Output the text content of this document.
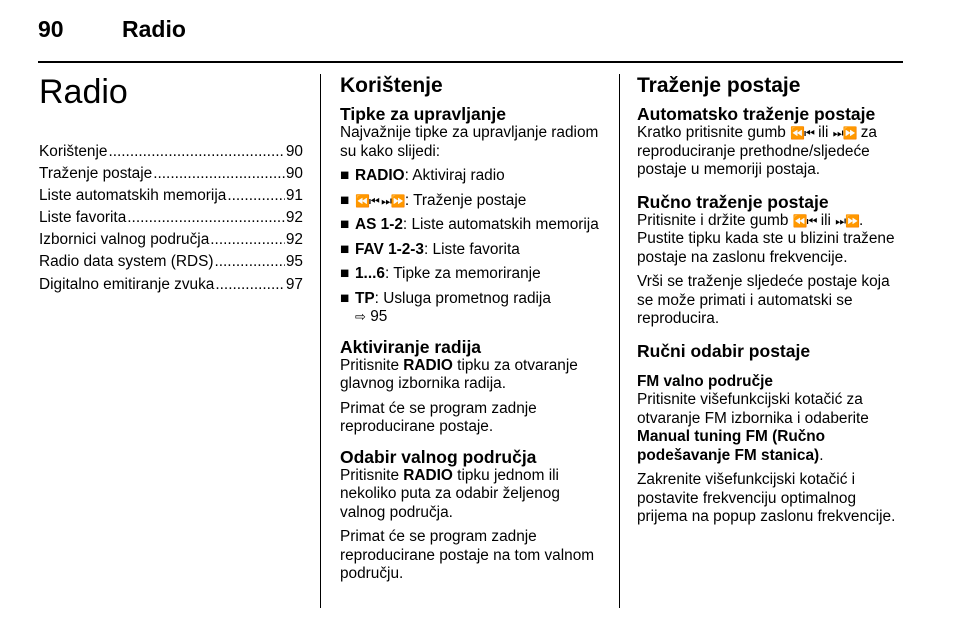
90	Radio
Radio
Korištenje .....	90
Traženje postaje .....	90
Liste automatskih memorija .....	91
Liste favorita .....	92
Izbornici valnog područja .....	92
Radio data system (RDS) .....	95
Digitalno emitiranje zvuka .....	97
Korištenje
Tipke za upravljanje

Najvažnije tipke za upravljanje radiom su kako slijedi:

■ RADIO: Aktiviraj radio
■ ⏪⏮ ⏭⏩: Traženje postaje
■ AS 1-2: Liste automatskih memorija
■ FAV 1-2-3: Liste favorita
■ 1...6: Tipke za memoriranje
■ TP: Usluga prometnog radija
⇨ 95
Aktiviranje radija

Pritisnite RADIO tipku za otvaranje glavnog izbornika radija.

Primat će se program zadnje reproducirane postaje.

Odabir valnog područja

Pritisnite RADIO tipku jednom ili nekoliko puta za odabir željenog valnog područja.

Primat će se program zadnje reproducirane postaje na tom valnom području.

Traženje postaje
Automatsko traženje postaje

Kratko pritisnite gumb ⏪⏮ ili ⏭⏩ za reproduciranje prethodne/sljedeće postaje u memoriji postaja.

Ručno traženje postaje

Pritisnite i držite gumb ⏪⏮ ili ⏭⏩. Pustite tipku kada ste u blizini tražene postaje na zaslonu frekvencije.

Vrši se traženje sljedeće postaje koja se može primati i automatski se reproducira.

Ručni odabir postaje
FM valno područje

Pritisnite višefunkcijski kotačić za otvaranje FM izbornika i odaberite Manual tuning FM (Ručno podešavanje FM stanica).

Zakrenite višefunkcijski kotačić i postavite frekvenciju optimalnog prijema na popup zaslonu frekvencije.
